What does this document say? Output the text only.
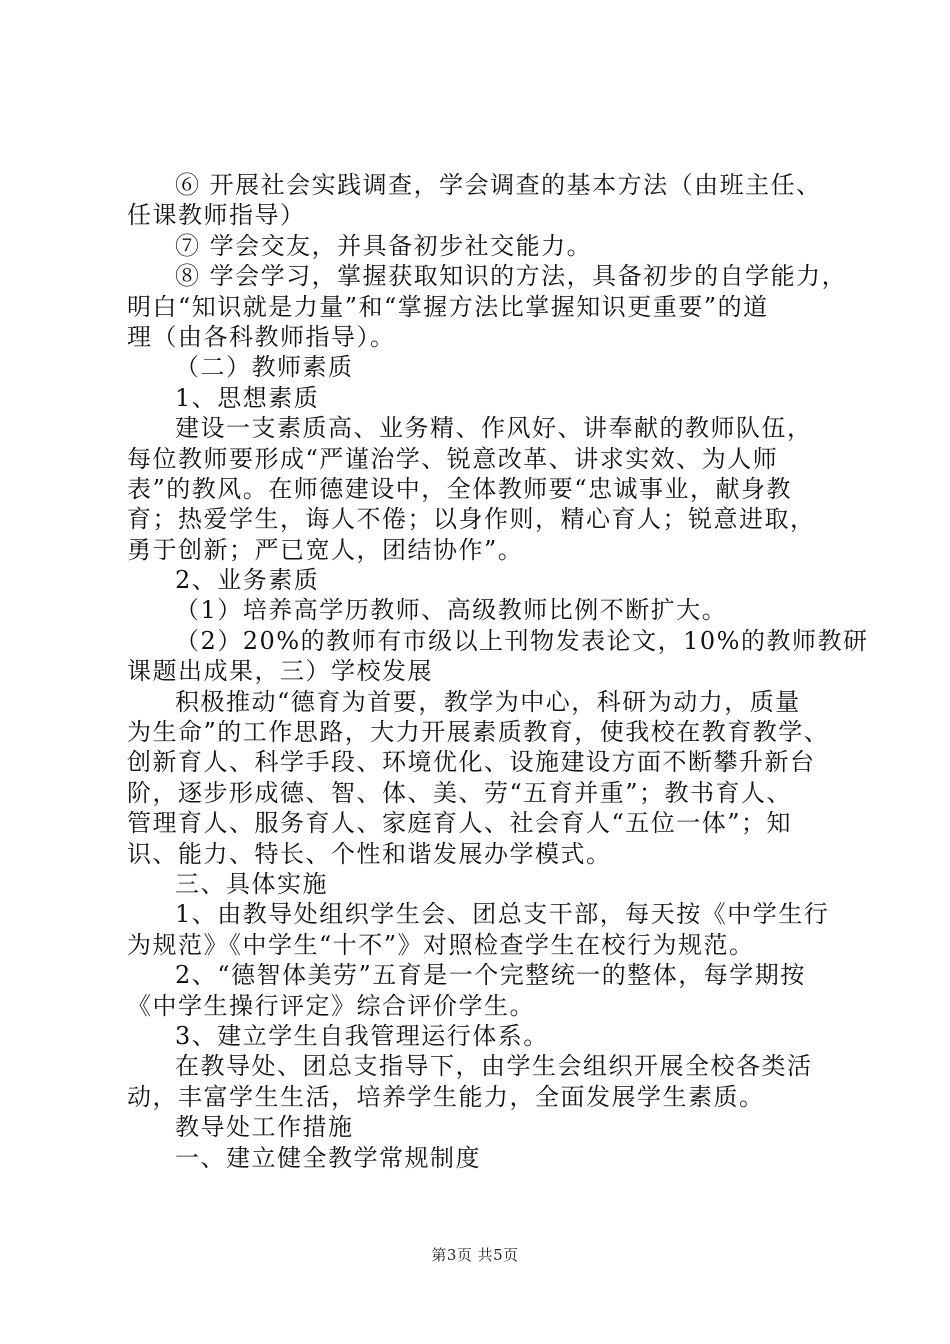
⑥ 开展社会实践调查，学会调查的基本方法（由班主任、
任课教师指导）
⑦ 学会交友，并具备初步社交能力。
⑧ 学会学习，掌握获取知识的方法，具备初步的自学能力，
明白“知识就是力量”和“掌握方法比掌握知识更重要”的道
理（由各科教师指导）。
（二）教师素质
1、思想素质
建设一支素质高、业务精、作风好、讲奉献的教师队伍，
每位教师要形成“严谨治学、锐意改革、讲求实效、为人师
表”的教风。在师德建设中，全体教师要“忠诚事业，献身教
育；热爱学生，诲人不倦；以身作则，精心育人；锐意进取，
勇于创新；严已宽人，团结协作”。
2、业务素质
（1）培养高学历教师、高级教师比例不断扩大。
（2）20%的教师有市级以上刊物发表论文，10%的教师教研
课题出成果，三）学校发展
积极推动“德育为首要，教学为中心，科研为动力，质量
为生命”的工作思路，大力开展素质教育，使我校在教育教学、
创新育人、科学手段、环境优化、设施建设方面不断攀升新台
阶，逐步形成德、智、体、美、劳“五育并重”；教书育人、
管理育人、服务育人、家庭育人、社会育人“五位一体”；知
识、能力、特长、个性和谐发展办学模式。
三、具体实施
1、由教导处组织学生会、团总支干部，每天按《中学生行
为规范》《中学生“十不”》对照检查学生在校行为规范。
2、“德智体美劳”五育是一个完整统一的整体，每学期按
《中学生操行评定》综合评价学生。
3、建立学生自我管理运行体系。
在教导处、团总支指导下，由学生会组织开展全校各类活
动，丰富学生生活，培养学生能力，全面发展学生素质。
教导处工作措施
一、建立健全教学常规制度
第3页 共5页
